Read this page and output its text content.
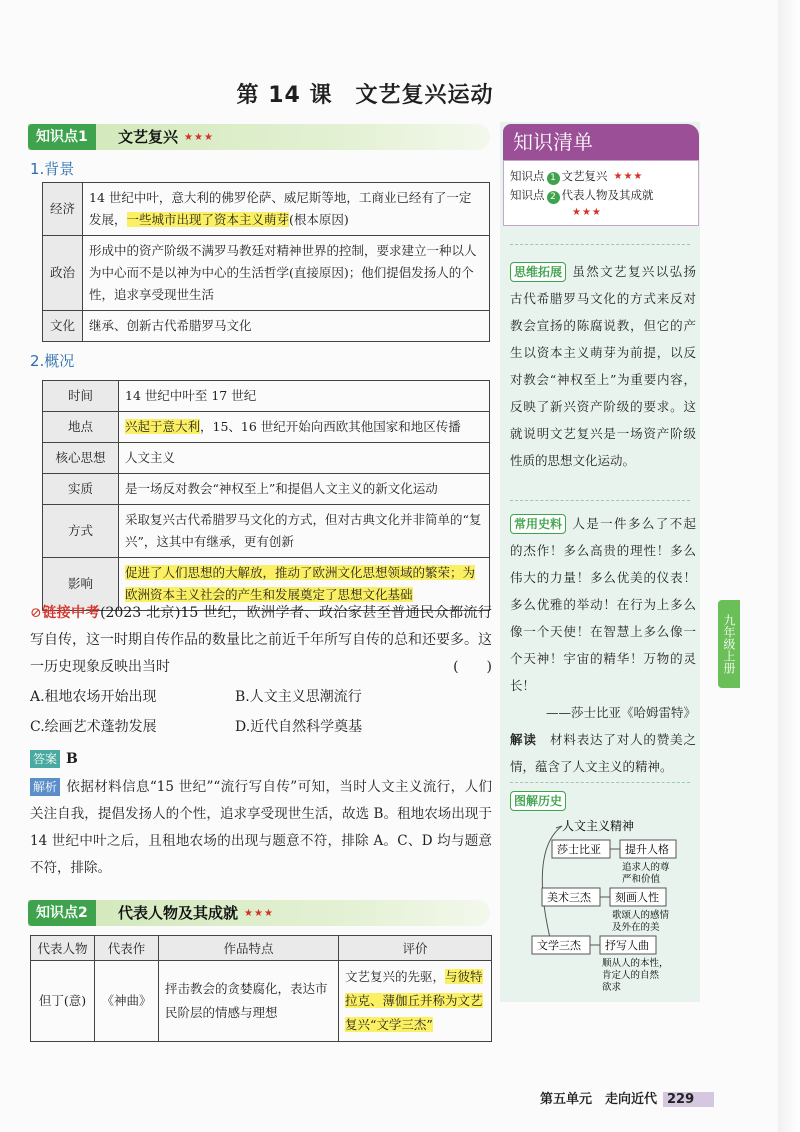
第 14 课　文艺复兴运动
知识点1	文艺复兴 ★★★
1.背景
经济	14 世纪中叶，意大利的佛罗伦萨、威尼斯等地，工商业已经有了一定发展，一些城市出现了资本主义萌芽(根本原因)
政治	形成中的资产阶级不满罗马教廷对精神世界的控制，要求建立一种以人为中心而不是以神为中心的生活哲学(直接原因)；他们提倡发扬人的个性，追求享受现世生活
文化	继承、创新古代希腊罗马文化
2.概况
时间	14 世纪中叶至 17 世纪
地点	兴起于意大利，15、16 世纪开始向西欧其他国家和地区传播
核心思想	人文主义
实质	是一场反对教会“神权至上”和提倡人文主义的新文化运动
方式	采取复兴古代希腊罗马文化的方式，但对古典文化并非简单的“复兴”，这其中有继承，更有创新
影响	促进了人们思想的大解放，推动了欧洲文化思想领域的繁荣；为欧洲资本主义社会的产生和发展奠定了思想文化基础
⊘链接中考(2023 北京)15 世纪，欧洲学者、政治家甚至普通民众都流行写自传，这一时期自传作品的数量比之前近千年所写自传的总和还要多。这一历史现象反映出当时	(　　)
A.租地农场开始出现	B.人文主义思潮流行
C.绘画艺术蓬勃发展	D.近代自然科学奠基
答案 B
解析 依据材料信息“15 世纪”“流行写自传”可知，当时人文主义流行，人们关注自我，提倡发扬人的个性，追求享受现世生活，故选 B。租地农场出现于 14 世纪中叶之后，且租地农场的出现与题意不符，排除 A。C、D 均与题意不符，排除。
知识点2	代表人物及其成就 ★★★
代表人物	代表作	作品特点	评价
但丁(意)	《神曲》	抨击教会的贪婪腐化，表达市民阶层的情感与理想	文艺复兴的先驱，与彼特拉克、薄伽丘并称为文艺复兴“文学三杰”
知识清单
知识点 1 文艺复兴 ★★★
知识点 2 代表人物及其成就
★★★
思维拓展 虽然文艺复兴以弘扬古代希腊罗马文化的方式来反对教会宣扬的陈腐说教，但它的产生以资本主义萌芽为前提，以反对教会“神权至上”为重要内容，反映了新兴资产阶级的要求。这就说明文艺复兴是一场资产阶级性质的思想文化运动。
常用史料 人是一件多么了不起的杰作！多么高贵的理性！多么伟大的力量！多么优美的仪表！多么优雅的举动！在行为上多么像一个天使！在智慧上多么像一个天神！宇宙的精华！万物的灵长！
——莎士比亚《哈姆雷特》
解读　 材料表达了对人的赞美之情，蕴含了人文主义的精神。
图解历史
人文主义精神
莎士比亚 提升人格
追求人的尊
严和价值
美术三杰 刻画人性
歌颂人的感情
及外在的美
文学三杰 抒写人曲
顺从人的本性，
肯定人的自然
欲求
九年级上册
第五单元　走向近代 229
